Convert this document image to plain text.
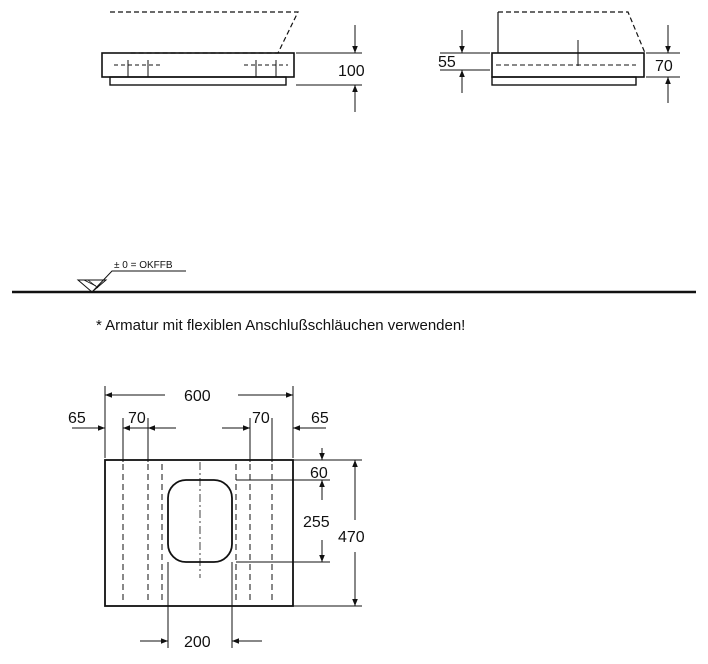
100
55	70
± 0 = OKFFB
* Armatur mit flexiblen Anschlußschläuchen verwenden!
600
65	70	70	65
60
255
470
200
